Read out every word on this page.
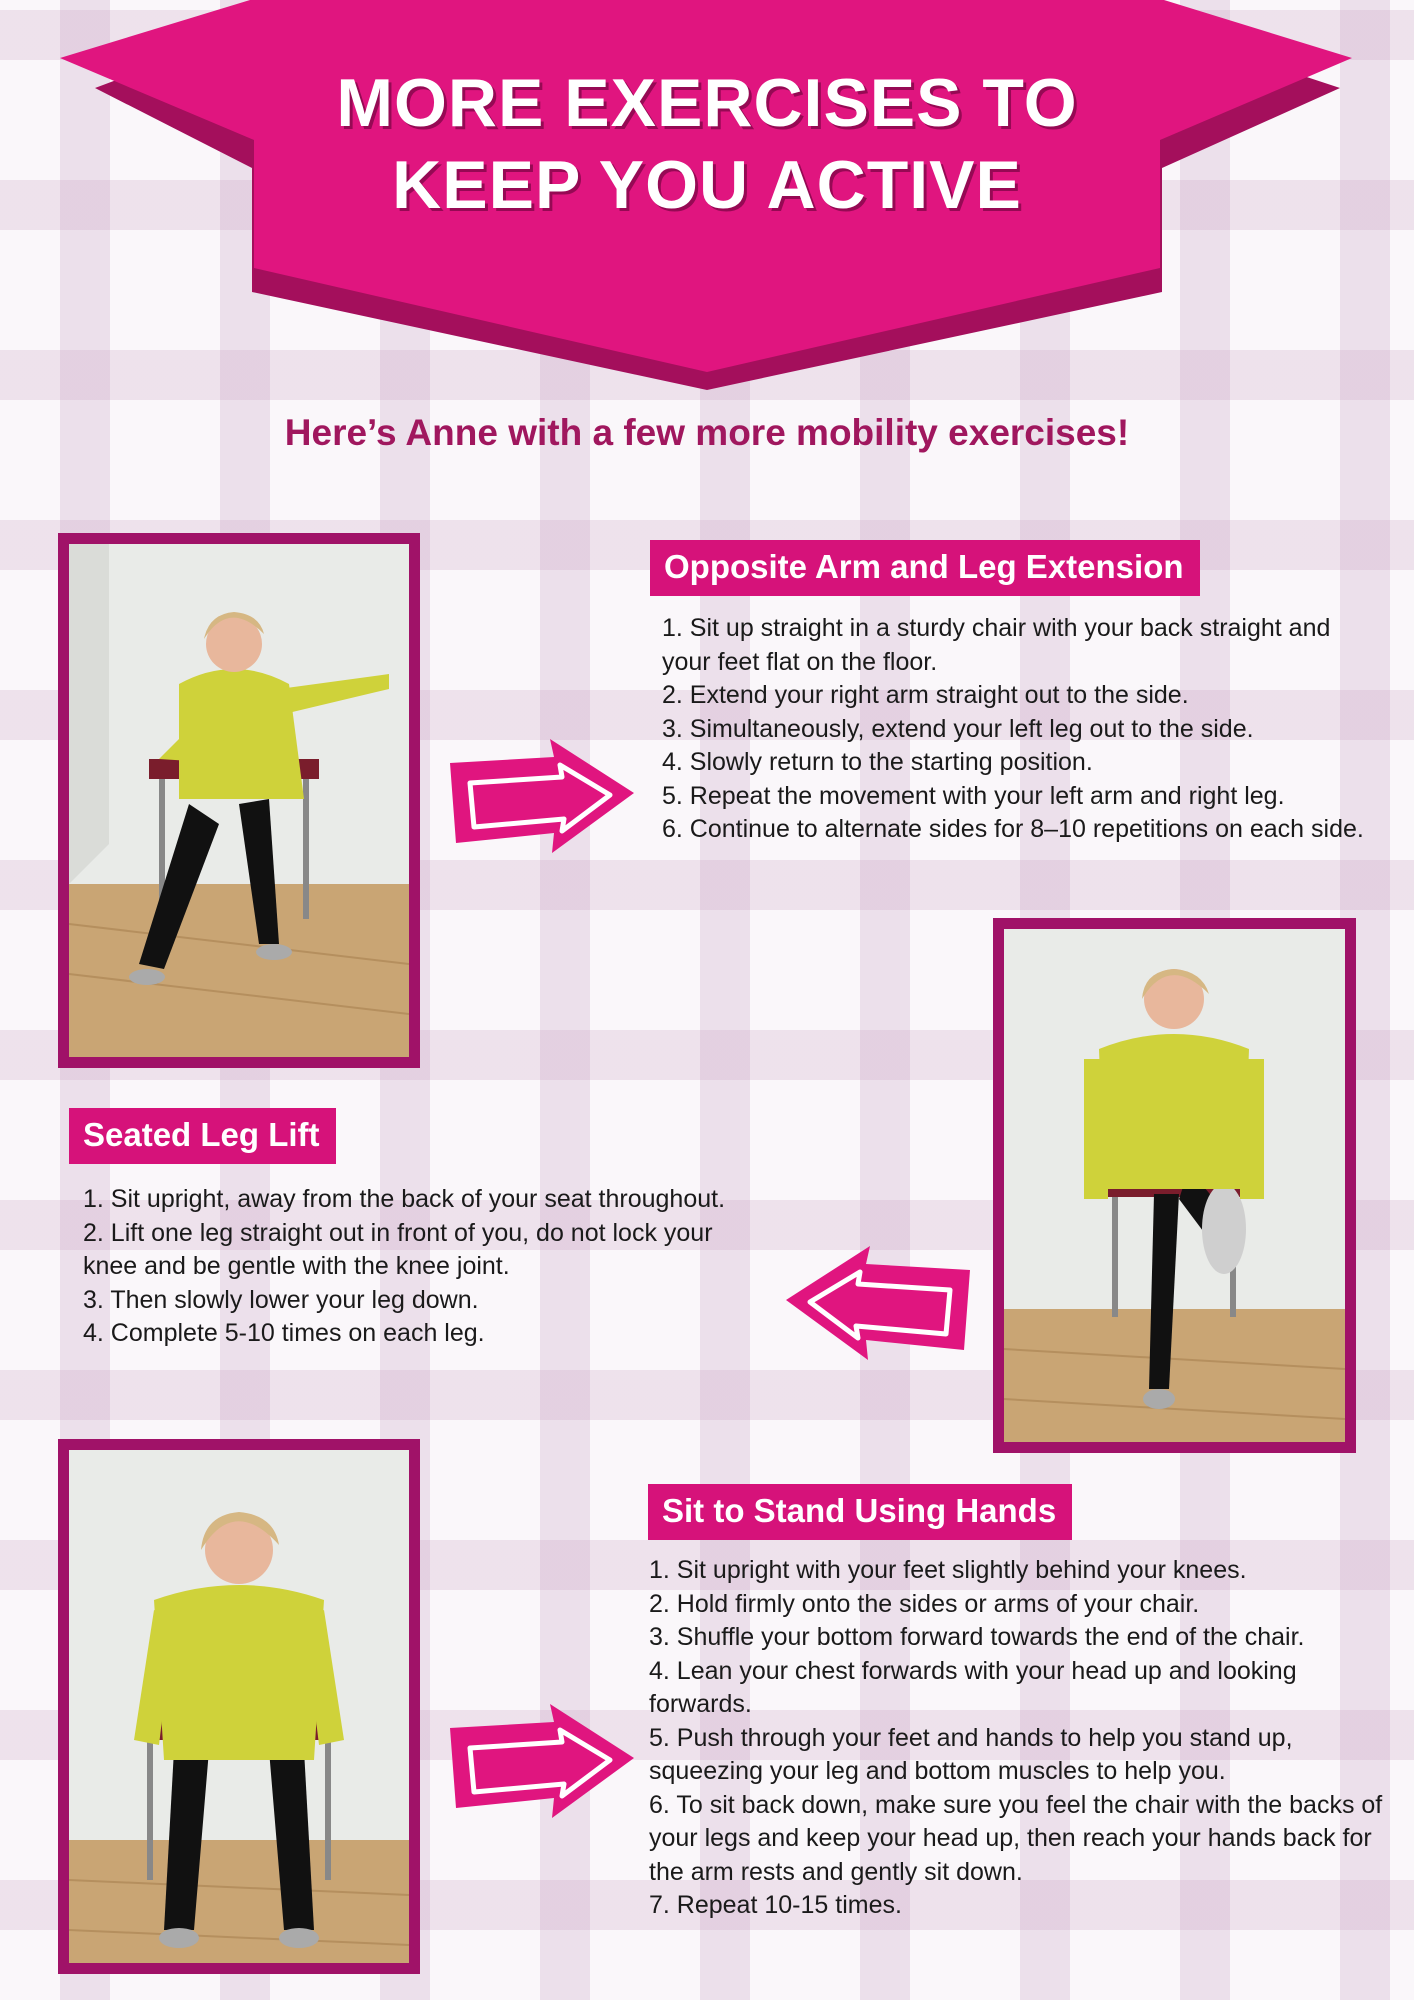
MORE EXERCISES TO KEEP YOU ACTIVE
Here’s Anne with a few more mobility exercises!
Opposite Arm and Leg Extension
1. Sit up straight in a sturdy chair with your back straight and your feet flat on the floor.
2. Extend your right arm straight out to the side.
3. Simultaneously, extend your left leg out to the side.
4. Slowly return to the starting position.
5. Repeat the movement with your left arm and right leg.
6. Continue to alternate sides for 8–10 repetitions on each side.
Seated Leg Lift
1. Sit upright, away from the back of your seat throughout.
2. Lift one leg straight out in front of you, do not lock your knee and be gentle with the knee joint.
3. Then slowly lower your leg down.
4. Complete 5-10 times on each leg.
Sit to Stand Using Hands
1. Sit upright with your feet slightly behind your knees.
2. Hold firmly onto the sides or arms of your chair.
3. Shuffle your bottom forward towards the end of the chair.
4. Lean your chest forwards with your head up and looking forwards.
5. Push through your feet and hands to help you stand up, squeezing your leg and bottom muscles to help you.
6. To sit back down, make sure you feel the chair with the backs of your legs and keep your head up, then reach your hands back for the arm rests and gently sit down.
7. Repeat 10-15 times.
